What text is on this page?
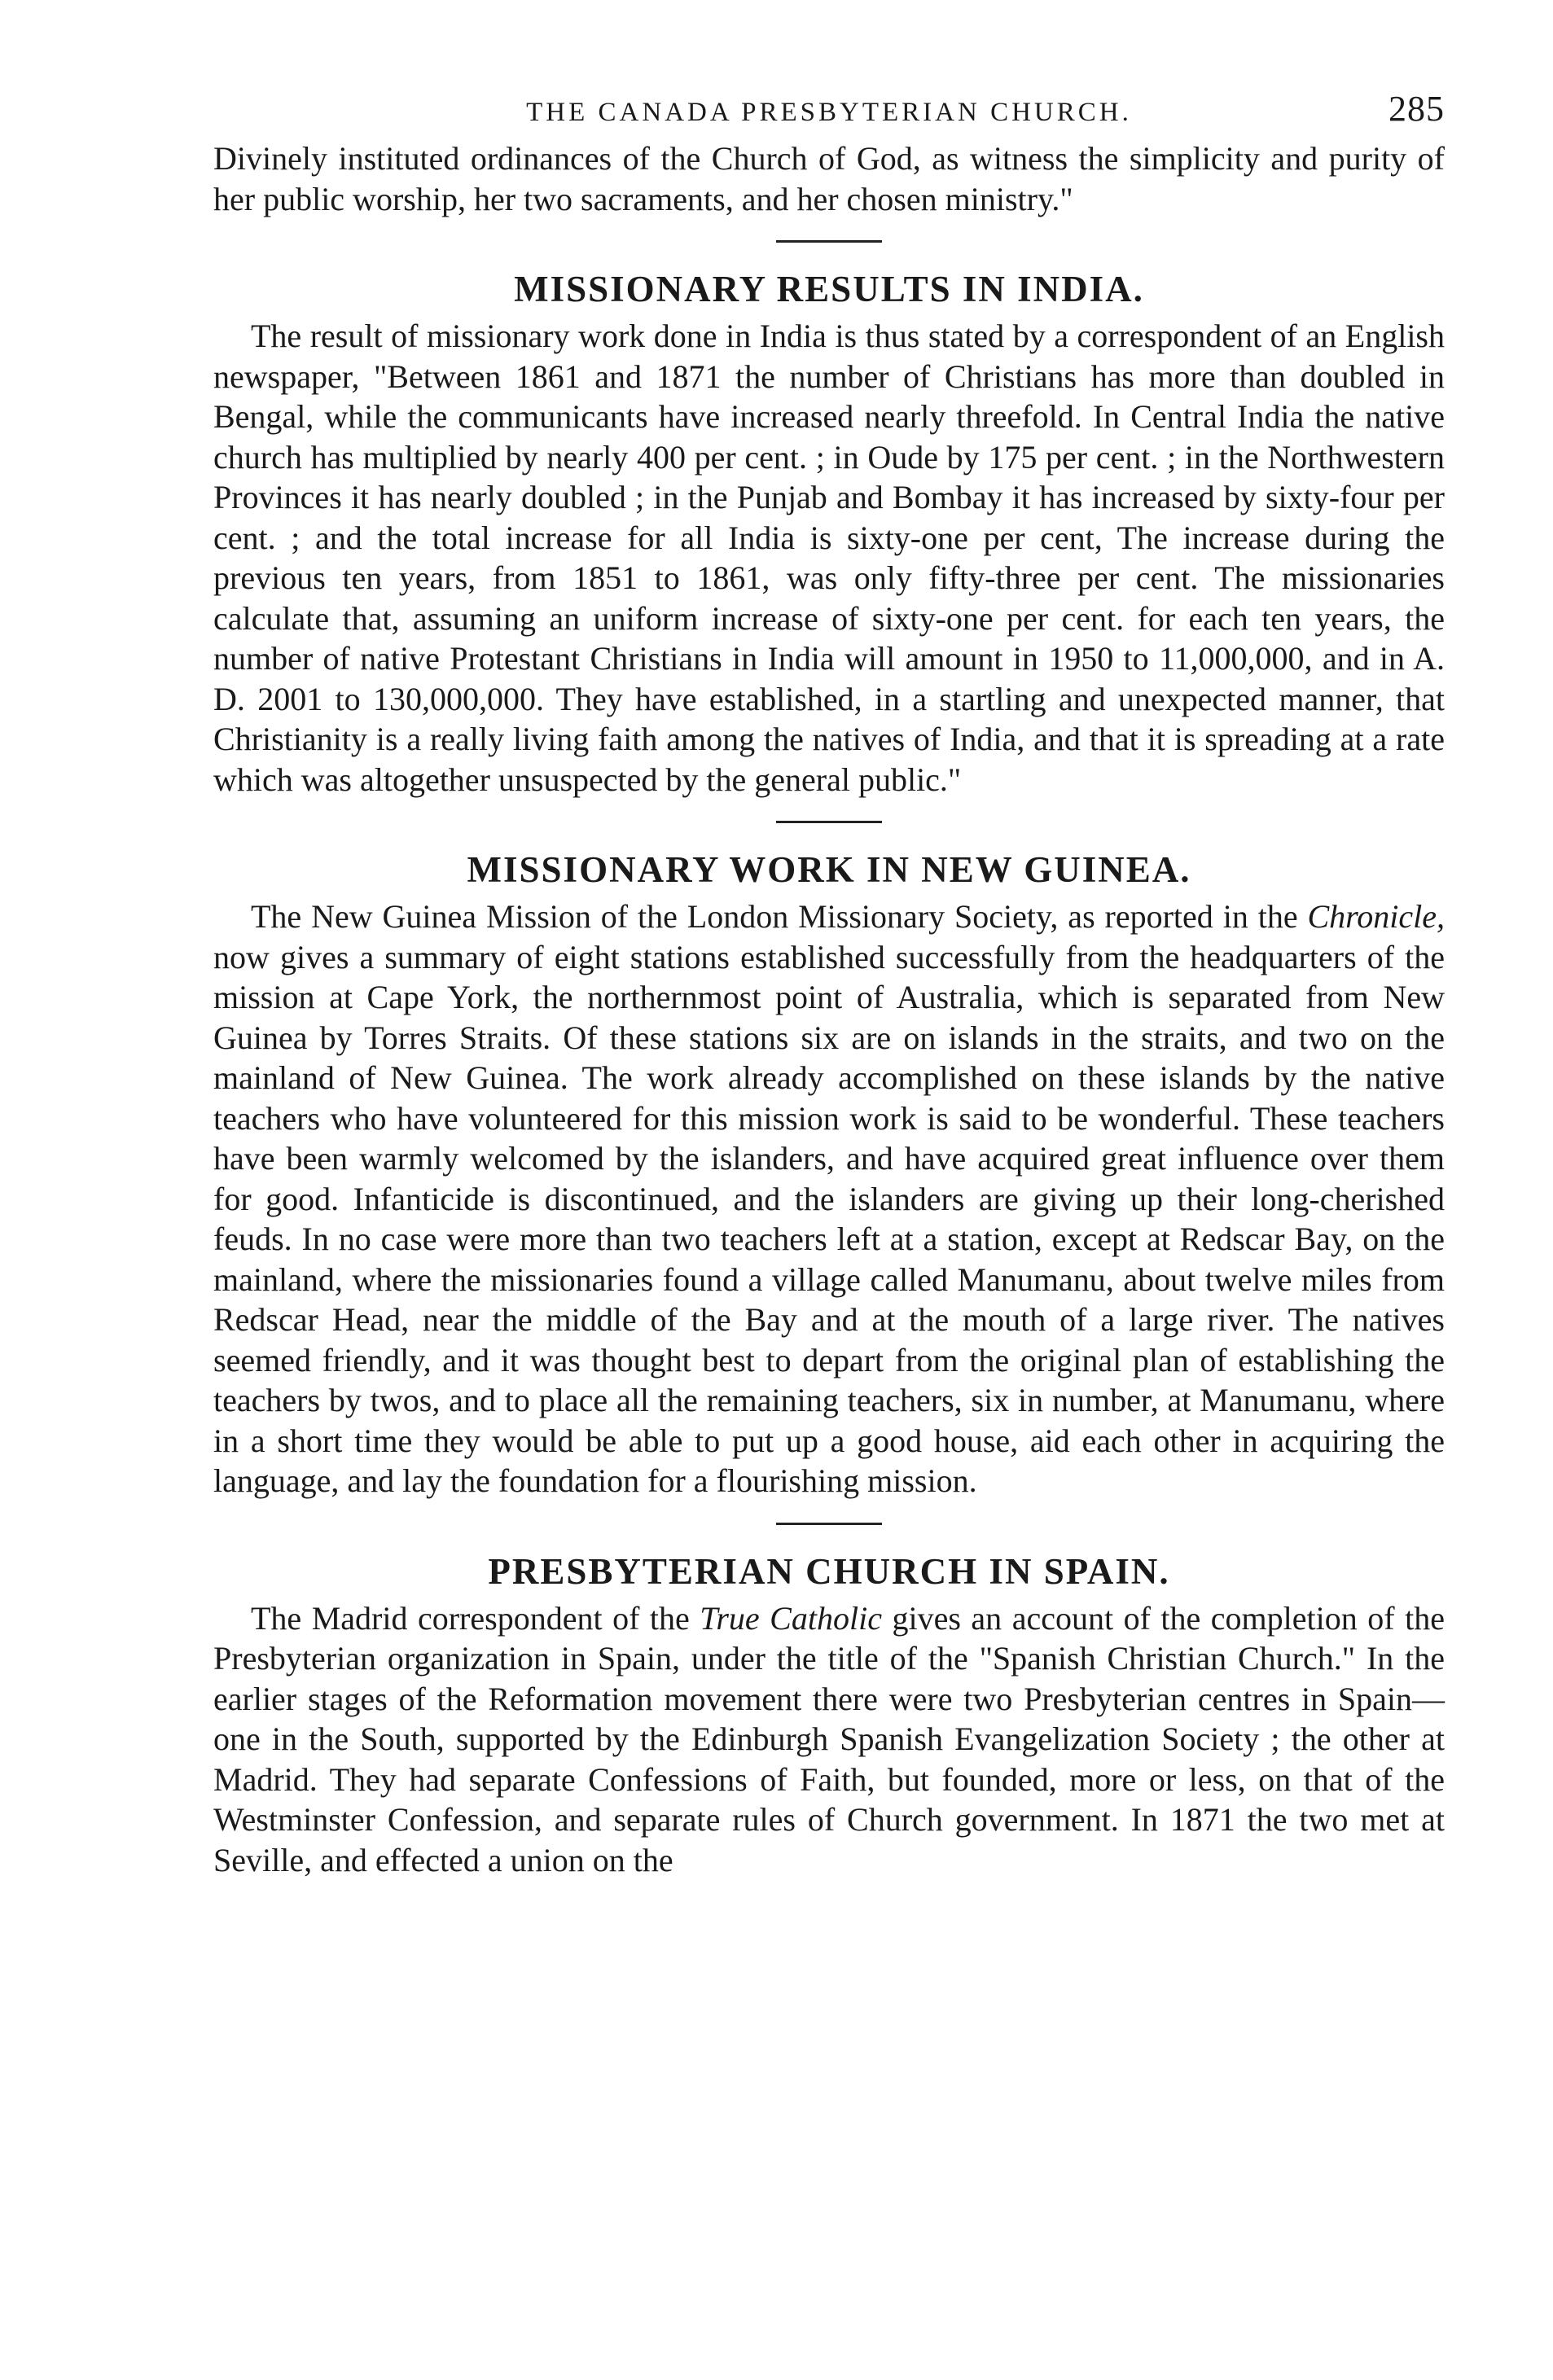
THE CANADA PRESBYTERIAN CHURCH.	285

Divinely instituted ordinances of the Church of God, as witness the simplicity and purity of her public worship, her two sacraments, and her chosen ministry."

MISSIONARY RESULTS IN INDIA.

The result of missionary work done in India is thus stated by a correspondent of an English newspaper, "Between 1861 and 1871 the number of Christians has more than doubled in Bengal, while the communicants have increased nearly threefold. In Central India the native church has multiplied by nearly 400 per cent. ; in Oude by 175 per cent. ; in the Northwestern Provinces it has nearly doubled ; in the Punjab and Bombay it has increased by sixty-four per cent. ; and the total increase for all India is sixty-one per cent, The increase during the previous ten years, from 1851 to 1861, was only fifty-three per cent. The missionaries calculate that, assuming an uniform increase of sixty-one per cent. for each ten years, the number of native Protestant Christians in India will amount in 1950 to 11,000,000, and in A. D. 2001 to 130,000,000. They have established, in a startling and unexpected manner, that Christianity is a really living faith among the natives of India, and that it is spreading at a rate which was altogether unsuspected by the general public."

MISSIONARY WORK IN NEW GUINEA.

The New Guinea Mission of the London Missionary Society, as reported in the Chronicle, now gives a summary of eight stations established successfully from the headquarters of the mission at Cape York, the northernmost point of Australia, which is separated from New Guinea by Torres Straits. Of these stations six are on islands in the straits, and two on the mainland of New Guinea. The work already accomplished on these islands by the native teachers who have volunteered for this mission work is said to be wonderful. These teachers have been warmly welcomed by the islanders, and have acquired great influence over them for good. Infanticide is discontinued, and the islanders are giving up their long-cherished feuds. In no case were more than two teachers left at a station, except at Redscar Bay, on the mainland, where the missionaries found a village called Manumanu, about twelve miles from Redscar Head, near the middle of the Bay and at the mouth of a large river. The natives seemed friendly, and it was thought best to depart from the original plan of establishing the teachers by twos, and to place all the remaining teachers, six in number, at Manumanu, where in a short time they would be able to put up a good house, aid each other in acquiring the language, and lay the foundation for a flourishing mission.

PRESBYTERIAN CHURCH IN SPAIN.

The Madrid correspondent of the True Catholic gives an account of the completion of the Presbyterian organization in Spain, under the title of the "Spanish Christian Church." In the earlier stages of the Reformation movement there were two Presbyterian centres in Spain—one in the South, supported by the Edinburgh Spanish Evangelization Society ; the other at Madrid. They had separate Confessions of Faith, but founded, more or less, on that of the Westminster Confession, and separate rules of Church government. In 1871 the two met at Seville, and effected a union on the
